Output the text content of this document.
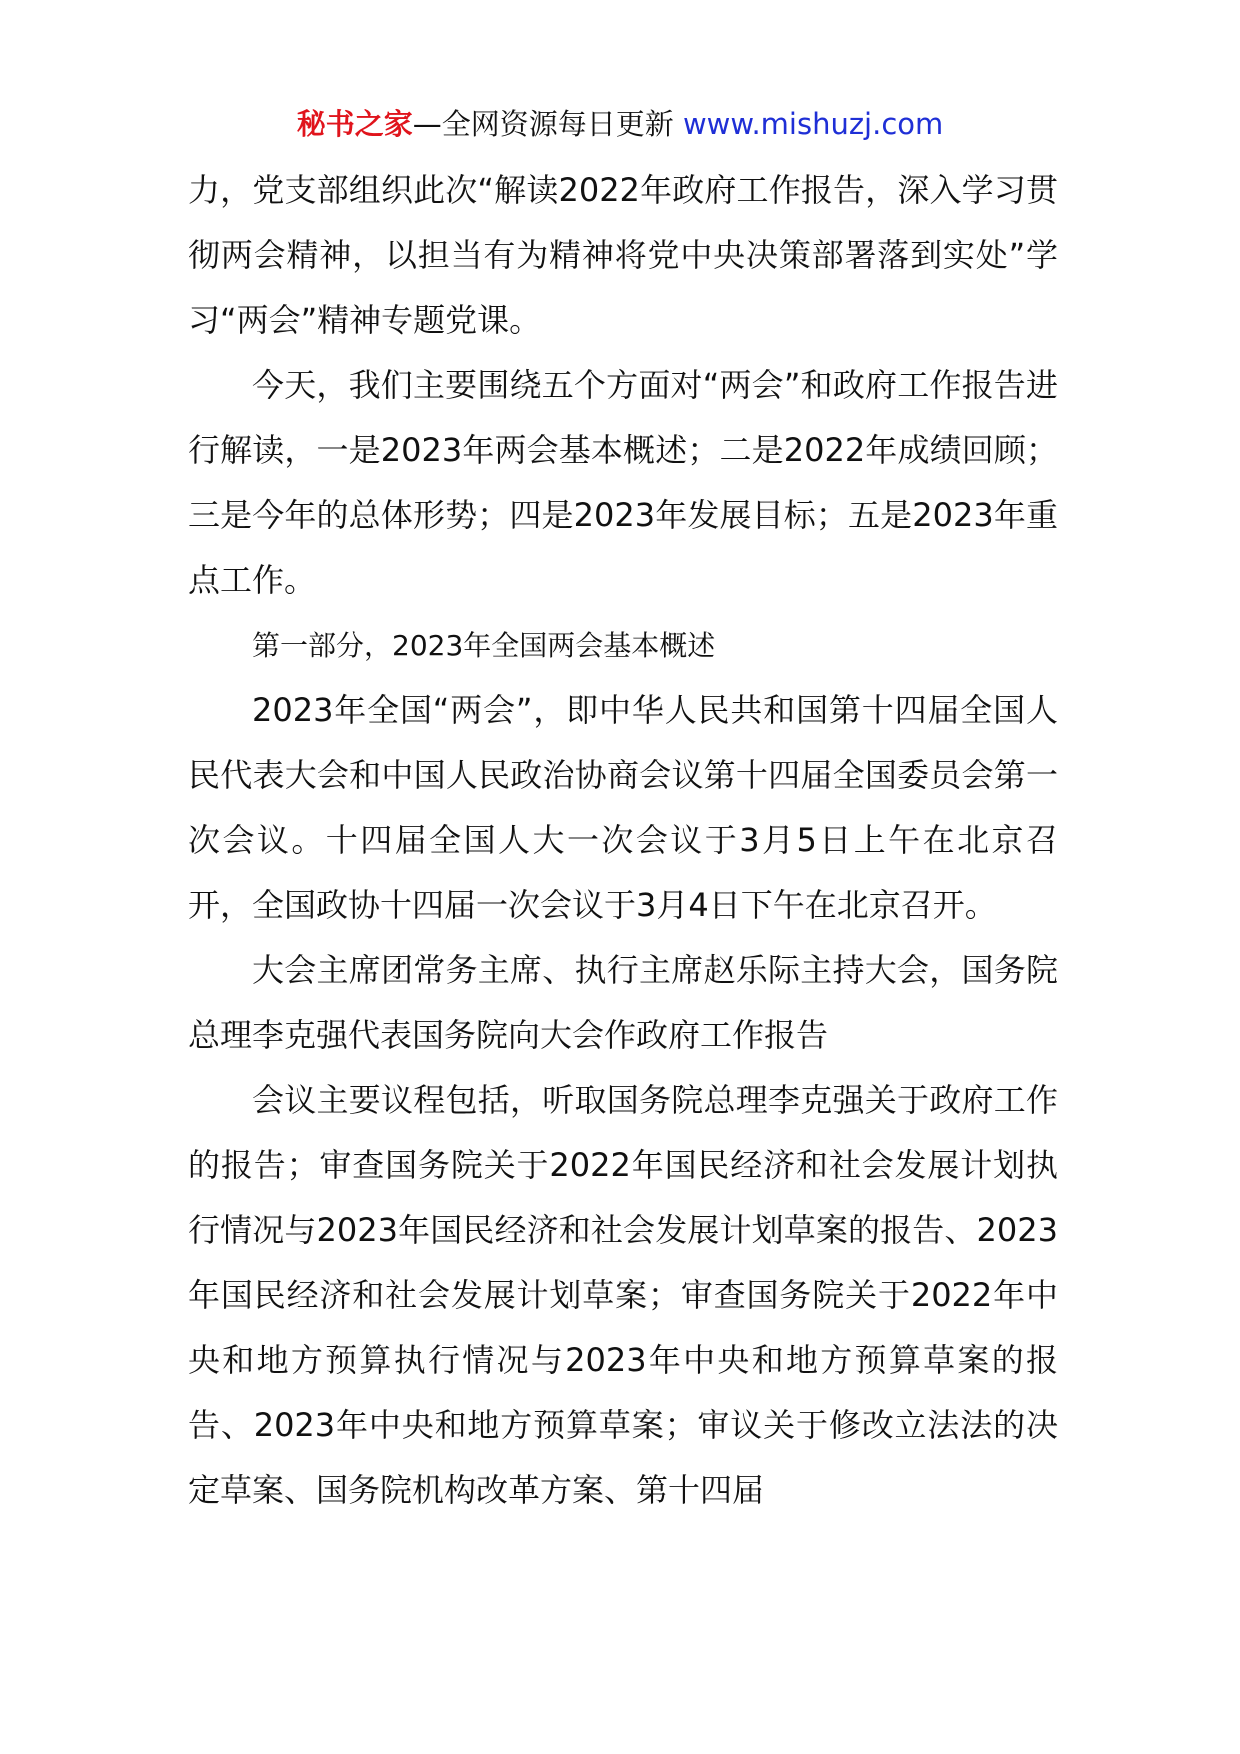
秘书之家—全网资源每日更新 www.mishuzj.com

力，党支部组织此次“解读2022年政府工作报告，深入学习贯彻两会精神，以担当有为精神将党中央决策部署落到实处”学习“两会”精神专题党课。

今天，我们主要围绕五个方面对“两会”和政府工作报告进行解读，一是2023年两会基本概述；二是2022年成绩回顾；三是今年的总体形势；四是2023年发展目标；五是2023年重点工作。

第一部分，2023年全国两会基本概述

2023年全国“两会”，即中华人民共和国第十四届全国人民代表大会和中国人民政治协商会议第十四届全国委员会第一次会议。十四届全国人大一次会议于3月5日上午在北京召开，全国政协十四届一次会议于3月4日下午在北京召开。

大会主席团常务主席、执行主席赵乐际主持大会，国务院总理李克强代表国务院向大会作政府工作报告

会议主要议程包括，听取国务院总理李克强关于政府工作的报告；审查国务院关于2022年国民经济和社会发展计划执行情况与2023年国民经济和社会发展计划草案的报告、2023年国民经济和社会发展计划草案；审查国务院关于2022年中央和地方预算执行情况与2023年中央和地方预算草案的报告、2023年中央和地方预算草案；审议关于修改立法法的决定草案、国务院机构改革方案、第十四届
